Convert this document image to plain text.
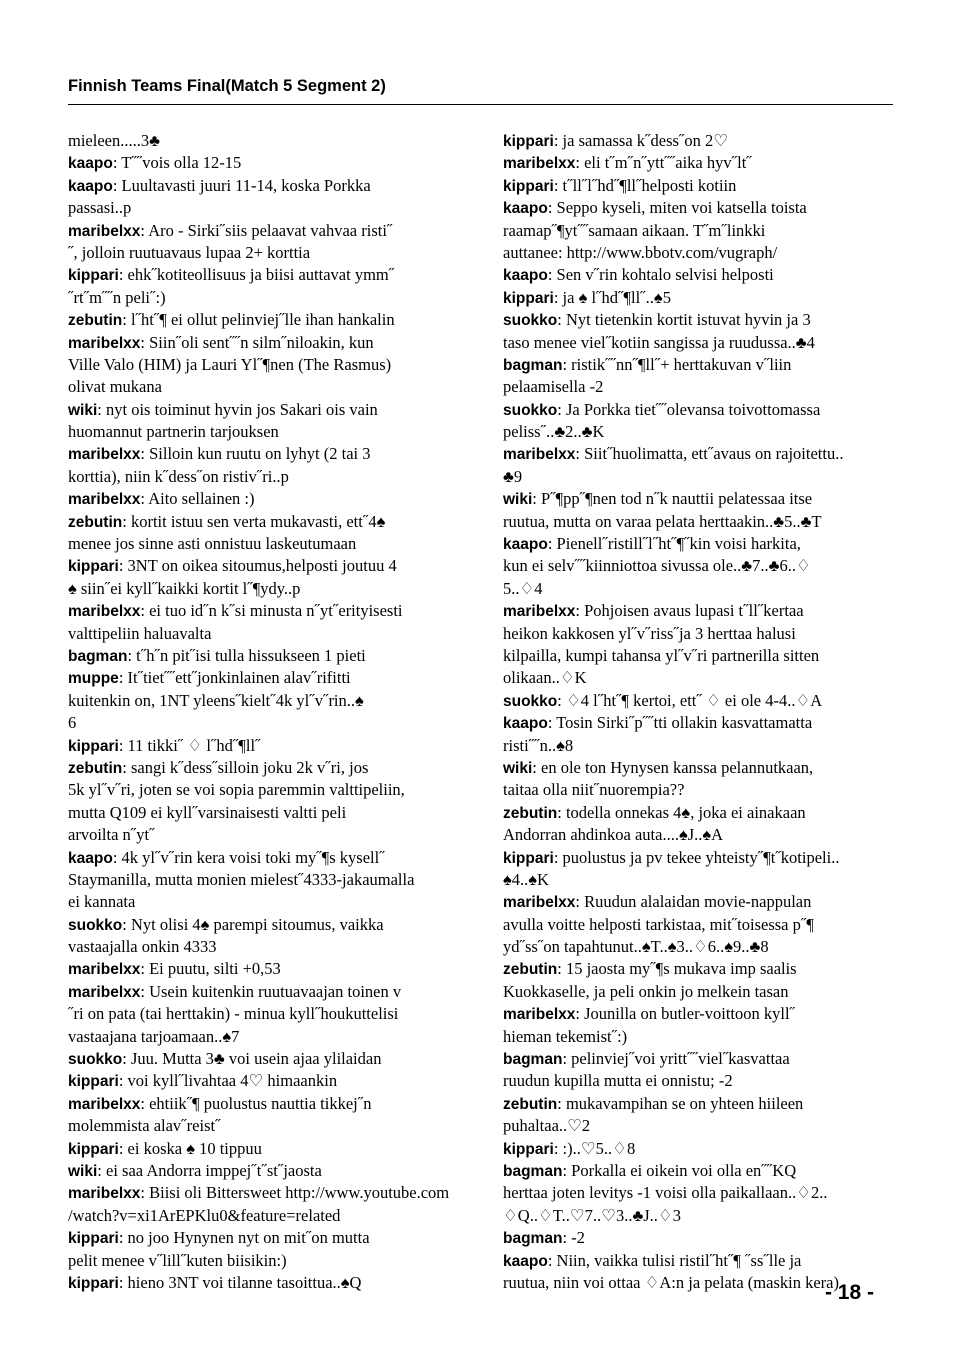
Finnish Teams Final(Match 5 Segment 2)
mieleen.....3♣
kaapo: T˝˝vois olla 12-15
kaapo: Luultavasti juuri 11-14, koska Porkka
passasi..p
maribelxx: Aro - Sirki˝siis pelaavat vahvaa risti˝
˝, jolloin ruutuavaus lupaa 2+ korttia
kippari: ehk˝kotiteollisuus ja biisi auttavat ymm˝
˝rt˝m˝˝n peli˝:)
zebutin: l˝ht˝¶ ei ollut pelinviej˝lle ihan hankalin
maribelxx: Siin˝oli sent˝˝n silm˝niloakin, kun
Ville Valo (HIM) ja Lauri Yl˝¶nen (The Rasmus)
olivat mukana
wiki: nyt ois toiminut hyvin jos Sakari ois vain
huomannut partnerin tarjouksen
maribelxx: Silloin kun ruutu on lyhyt (2 tai 3
korttia), niin k˝dess˝on ristiv˝ri..p
maribelxx: Aito sellainen :)
zebutin: kortit istuu sen verta mukavasti, ett˝4♠
menee jos sinne asti onnistuu laskeutumaan
kippari: 3NT on oikea sitoumus,helposti joutuu 4
♠ siin˝ei kyll˝kaikki kortit l˝¶ydy..p
maribelxx: ei tuo id˝n k˝si minusta n˝yt˝erityisesti
valttipeliin haluavalta
bagman: t˝h˝n pit˝isi tulla hissukseen 1 pieti
muppe: It˝tiet˝˝ett˝jonkinlainen alav˝rifitti
kuitenkin on, 1NT yleens˝kielt˝4k yl˝v˝rin..♠
6
kippari: 11 tikki˝ ♢ l˝hd˝¶ll˝
zebutin: sangi k˝dess˝silloin joku 2k v˝ri, jos
5k yl˝v˝ri, joten se voi sopia paremmin valttipeliin,
mutta Q109 ei kyll˝varsinaisesti valtti peli
arvoilta n˝yt˝
kaapo: 4k yl˝v˝rin kera voisi toki my˝¶s kysell˝
Staymanilla, mutta monien mielest˝4333-jakaumalla
ei kannata
suokko: Nyt olisi 4♠ parempi sitoumus, vaikka
vastaajalla onkin 4333
maribelxx: Ei puutu, silti +0,53
maribelxx: Usein kuitenkin ruutuavaajan toinen v
˝ri on pata (tai herttakin) - minua kyll˝houkuttelisi
vastaajana tarjoamaan..♠7
suokko: Juu. Mutta 3♣ voi usein ajaa ylilaidan
kippari: voi kyll˝livahtaa 4♡ himaankin
maribelxx: ehtiik˝¶ puolustus nauttia tikkej˝n
molemmista alav˝reist˝
kippari: ei koska ♠ 10 tippuu
wiki: ei saa Andorra imppej˝t˝st˝jaosta
maribelxx: Biisi oli Bittersweet http://www.youtube.com
/watch?v=xi1ArEPKlu0&feature=related
kippari: no joo Hynynen nyt on mit˝on mutta
pelit menee v˝lill˝kuten biisikin:)
kippari: hieno 3NT voi tilanne tasoittua..♠Q
kippari: ja samassa k˝dess˝on 2♡
maribelxx: eli t˝m˝n˝ytt˝˝aika hyv˝lt˝
kippari: t˝ll˝l˝hd˝¶ll˝helposti kotiin
kaapo: Seppo kyseli, miten voi katsella toista
raamap˝¶yt˝˝samaan aikaan. T˝m˝linkki
auttanee: http://www.bbotv.com/vugraph/
kaapo: Sen v˝rin kohtalo selvisi helposti
kippari: ja ♠ l˝hd˝¶ll˝..♠5
suokko: Nyt tietenkin kortit istuvat hyvin ja 3
taso menee viel˝kotiin sangissa ja ruudussa..♣4
bagman: ristik˝˝nn˝¶ll˝+ herttakuvan v˝liin
pelaamisella -2
suokko: Ja Porkka tiet˝˝olevansa toivottomassa
peliss˝..♣2..♣K
maribelxx: Siit˝huolimatta, ett˝avaus on rajoitettu..
♣9
wiki: P˝¶pp˝¶nen tod n˝k nauttii pelatessaa itse
ruutua, mutta on varaa pelata herttaakin..♣5..♣T
kaapo: Pienell˝ristill˝l˝ht˝¶˝kin voisi harkita,
kun ei selv˝˝kiinniottoa sivussa ole..♣7..♣6..♢
5..♢4
maribelxx: Pohjoisen avaus lupasi t˝ll˝kertaa
heikon kakkosen yl˝v˝riss˝ja 3 herttaa halusi
kilpailla, kumpi tahansa yl˝v˝ri partnerilla sitten
olikaan..♢K
suokko: ♢4 l˝ht˝¶ kertoi, ett˝ ♢ ei ole 4-4..♢A
kaapo: Tosin Sirki˝p˝˝tti ollakin kasvattamatta
risti˝˝n..♠8
wiki: en ole ton Hynysen kanssa pelannutkaan,
taitaa olla niit˝nuorempia??
zebutin: todella onnekas 4♠, joka ei ainakaan
Andorran ahdinkoa auta....♠J..♠A
kippari: puolustus ja pv tekee yhteisty˝¶t˝kotipeli..
♠4..♠K
maribelxx: Ruudun alalaidan movie-nappulan
avulla voitte helposti tarkistaa, mit˝toisessa p˝¶
yd˝ss˝on tapahtunut..♠T..♠3..♢6..♠9..♣8
zebutin: 15 jaosta my˝¶s mukava imp saalis
Kuokkaselle, ja peli onkin jo melkein tasan
maribelxx: Jounilla on butler-voittoon kyll˝
hieman tekemist˝:)
bagman: pelinviej˝voi yritt˝˝viel˝kasvattaa
ruudun kupilla mutta ei onnistu; -2
zebutin: mukavampihan se on yhteen hiileen
puhaltaa..♡2
kippari: :)..♡5..♢8
bagman: Porkalla ei oikein voi olla en˝˝KQ
herttaa joten levitys -1 voisi olla paikallaan..♢2..
♢Q..♢T..♡7..♡3..♣J..♢3
bagman: -2
kaapo: Niin, vaikka tulisi ristil˝ht˝¶ ˝ss˝lle ja
ruutua, niin voi ottaa ♢A:n ja pelata (maskin kera)
- 18 -
